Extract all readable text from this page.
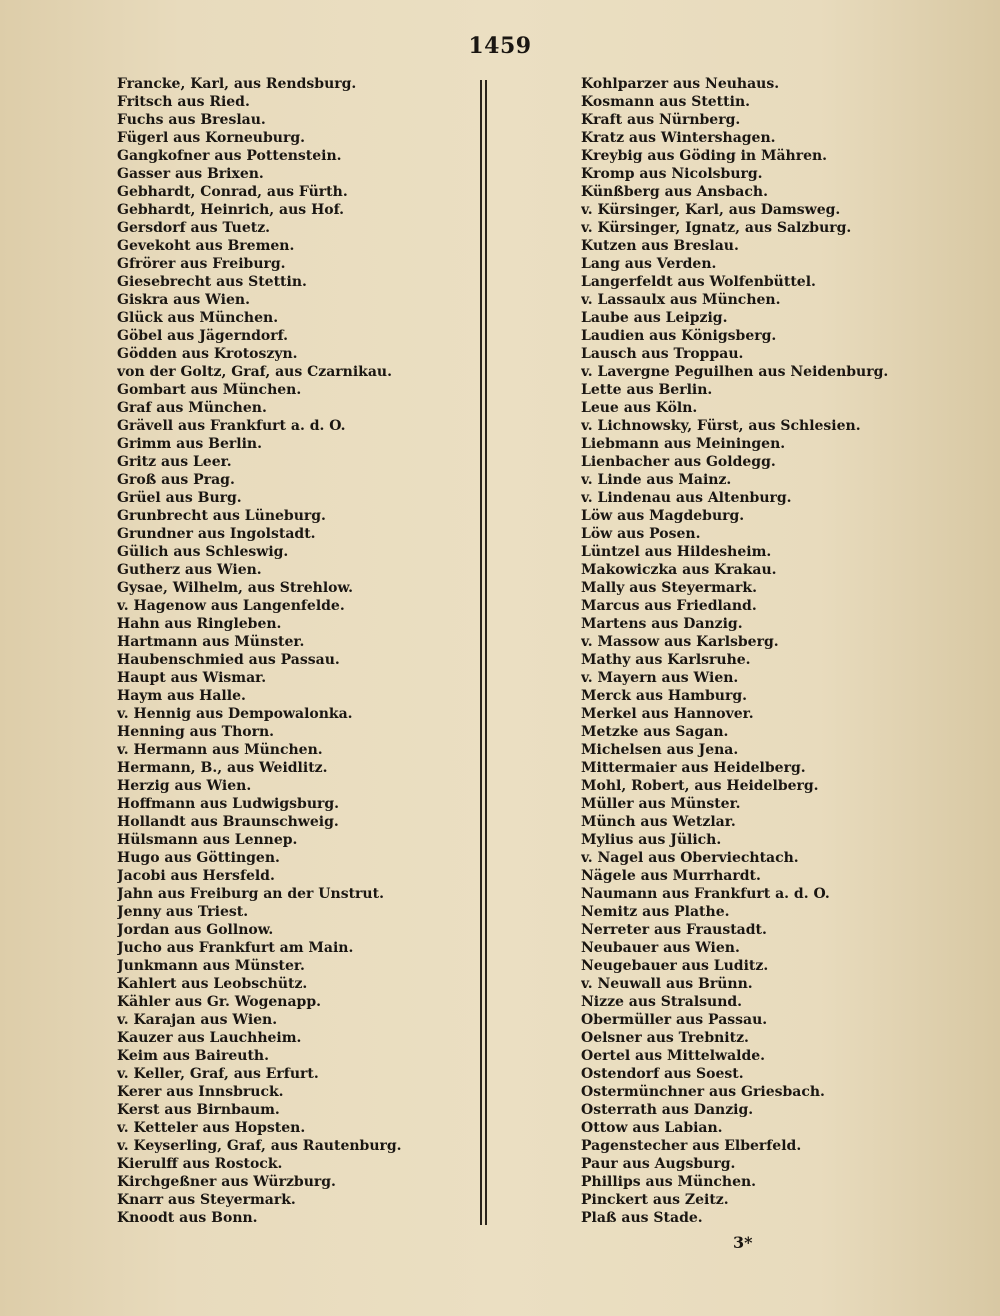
1459
Francke, Karl, aus Rendsburg.
Fritsch aus Ried.
Fuchs aus Breslau.
Fügerl aus Korneuburg.
Gangkofner aus Pottenstein.
Gasser aus Brixen.
Gebhardt, Conrad, aus Fürth.
Gebhardt, Heinrich, aus Hof.
Gersdorf aus Tuetz.
Gevekoht aus Bremen.
Gfrörer aus Freiburg.
Giesebrecht aus Stettin.
Giskra aus Wien.
Glück aus München.
Göbel aus Jägerndorf.
Gödden aus Krotoszyn.
von der Goltz, Graf, aus Czarnikau.
Gombart aus München.
Graf aus München.
Grävell aus Frankfurt a. d. O.
Grimm aus Berlin.
Gritz aus Leer.
Groß aus Prag.
Grüel aus Burg.
Grunbrecht aus Lüneburg.
Grundner aus Ingolstadt.
Gülich aus Schleswig.
Gutherz aus Wien.
Gysae, Wilhelm, aus Strehlow.
v. Hagenow aus Langenfelde.
Hahn aus Ringleben.
Hartmann aus Münster.
Haubenschmied aus Passau.
Haupt aus Wismar.
Haym aus Halle.
v. Hennig aus Dempowalonka.
Henning aus Thorn.
v. Hermann aus München.
Hermann, B., aus Weidlitz.
Herzig aus Wien.
Hoffmann aus Ludwigsburg.
Hollandt aus Braunschweig.
Hülsmann aus Lennep.
Hugo aus Göttingen.
Jacobi aus Hersfeld.
Jahn aus Freiburg an der Unstrut.
Jenny aus Triest.
Jordan aus Gollnow.
Jucho aus Frankfurt am Main.
Junkmann aus Münster.
Kahlert aus Leobschütz.
Kähler aus Gr. Wogenapp.
v. Karajan aus Wien.
Kauzer aus Lauchheim.
Keim aus Baireuth.
v. Keller, Graf, aus Erfurt.
Kerer aus Innsbruck.
Kerst aus Birnbaum.
v. Ketteler aus Hopsten.
v. Keyserling, Graf, aus Rautenburg.
Kierulff aus Rostock.
Kirchgeßner aus Würzburg.
Knarr aus Steyermark.
Knoodt aus Bonn.
Kohlparzer aus Neuhaus.
Kosmann aus Stettin.
Kraft aus Nürnberg.
Kratz aus Wintershagen.
Kreybig aus Göding in Mähren.
Kromp aus Nicolsburg.
Künßberg aus Ansbach.
v. Kürsinger, Karl, aus Damsweg.
v. Kürsinger, Ignatz, aus Salzburg.
Kutzen aus Breslau.
Lang aus Verden.
Langerfeldt aus Wolfenbüttel.
v. Lassaulx aus München.
Laube aus Leipzig.
Laudien aus Königsberg.
Lausch aus Troppau.
v. Lavergne Peguilhen aus Neidenburg.
Lette aus Berlin.
Leue aus Köln.
v. Lichnowsky, Fürst, aus Schlesien.
Liebmann aus Meiningen.
Lienbacher aus Goldegg.
v. Linde aus Mainz.
v. Lindenau aus Altenburg.
Löw aus Magdeburg.
Löw aus Posen.
Lüntzel aus Hildesheim.
Makowiczka aus Krakau.
Mally aus Steyermark.
Marcus aus Friedland.
Martens aus Danzig.
v. Massow aus Karlsberg.
Mathy aus Karlsruhe.
v. Mayern aus Wien.
Merck aus Hamburg.
Merkel aus Hannover.
Metzke aus Sagan.
Michelsen aus Jena.
Mittermaier aus Heidelberg.
Mohl, Robert, aus Heidelberg.
Müller aus Münster.
Münch aus Wetzlar.
Mylius aus Jülich.
v. Nagel aus Oberviechtach.
Nägele aus Murrhardt.
Naumann aus Frankfurt a. d. O.
Nemitz aus Plathe.
Nerreter aus Fraustadt.
Neubauer aus Wien.
Neugebauer aus Luditz.
v. Neuwall aus Brünn.
Nizze aus Stralsund.
Obermüller aus Passau.
Oelsner aus Trebnitz.
Oertel aus Mittelwalde.
Ostendorf aus Soest.
Ostermünchner aus Griesbach.
Osterrath aus Danzig.
Ottow aus Labian.
Pagenstecher aus Elberfeld.
Paur aus Augsburg.
Phillips aus München.
Pinckert aus Zeitz.
Plaß aus Stade.
3*
